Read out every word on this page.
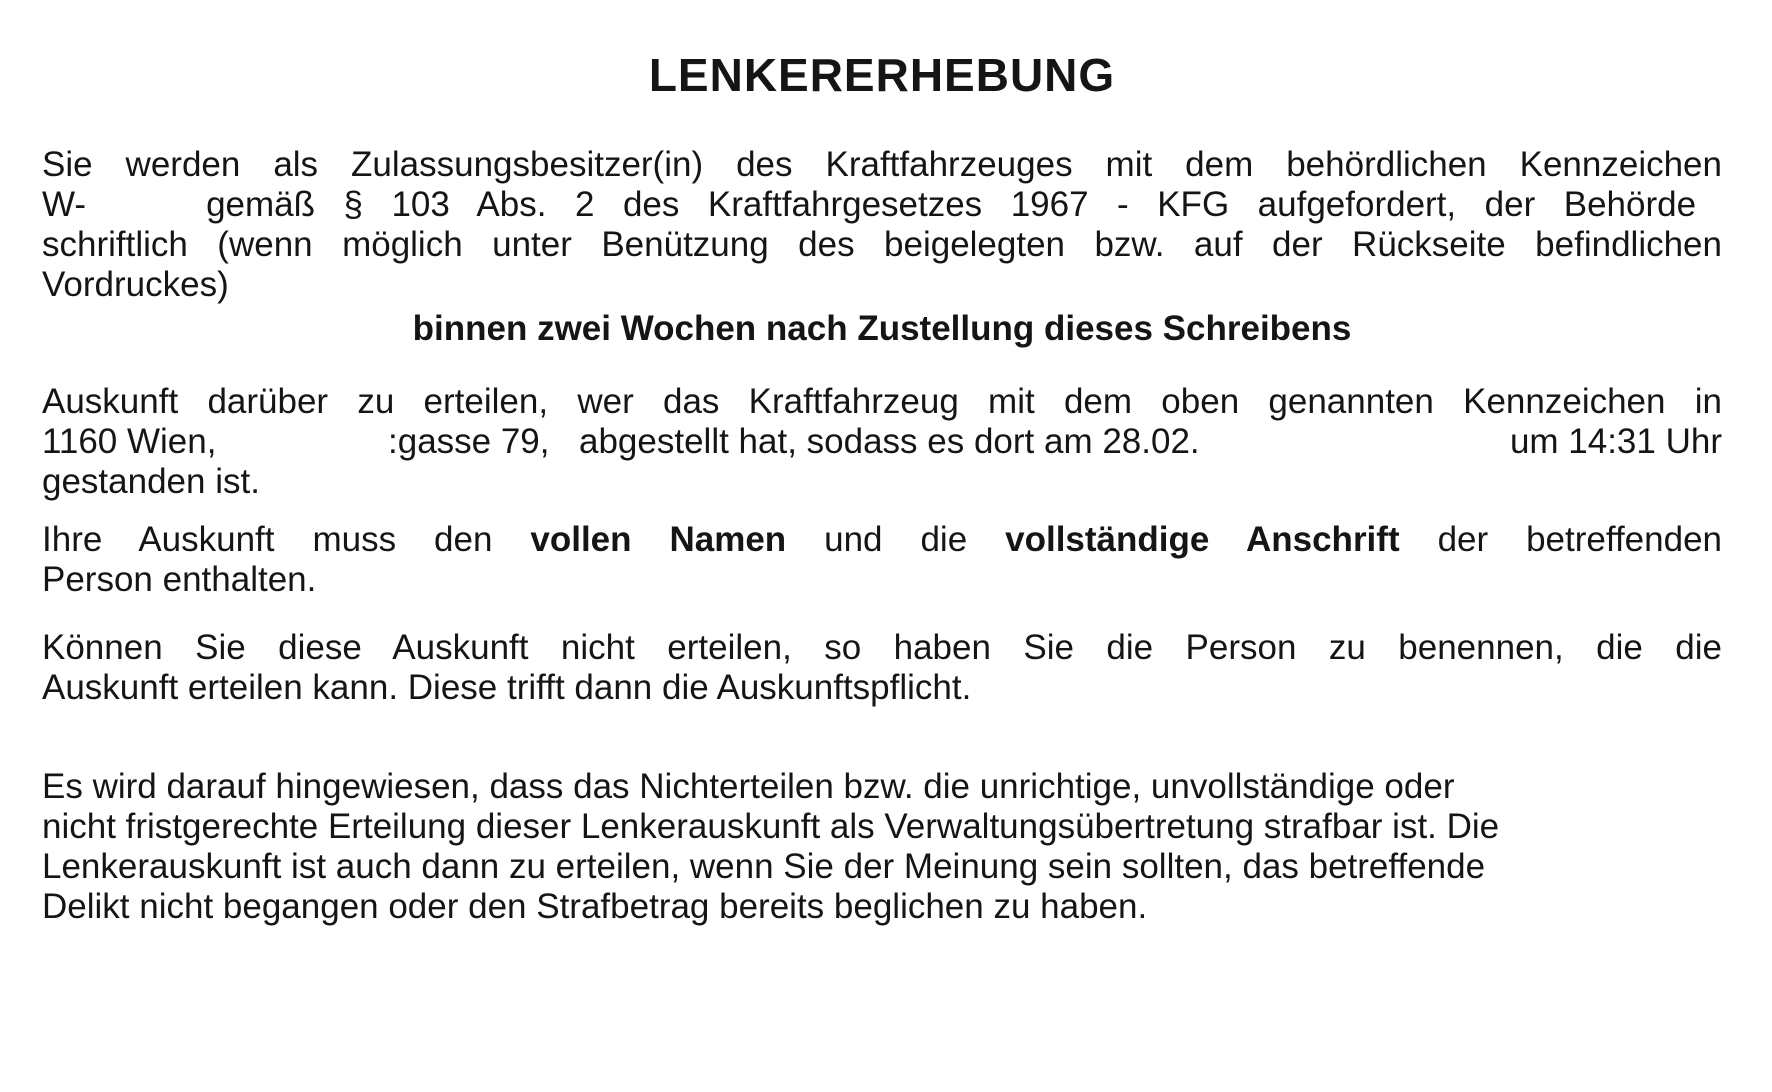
LENKERERHEBUNG
Sie werden als Zulassungsbesitzer(in) des Kraftfahrzeuges mit dem behördlichen Kennzeichen
W-	gemäß § 103 Abs. 2 des Kraftfahrgesetzes 1967 - KFG aufgefordert, der Behörde
schriftlich (wenn möglich unter Benützung des beigelegten bzw. auf der Rückseite befindlichen
Vordruckes)
binnen zwei Wochen nach Zustellung dieses Schreibens
Auskunft darüber zu erteilen, wer das Kraftfahrzeug mit dem oben genannten Kennzeichen in
1160 Wien,	:gasse 79, abgestellt hat, sodass es dort am 28.02.	um 14:31 Uhr
gestanden ist.
Ihre Auskunft muss den vollen Namen und die vollständige Anschrift der betreffenden
Person enthalten.
Können Sie diese Auskunft nicht erteilen, so haben Sie die Person zu benennen, die die
Auskunft erteilen kann. Diese trifft dann die Auskunftspflicht.
Es wird darauf hingewiesen, dass das Nichterteilen bzw. die unrichtige, unvollständige oder
nicht fristgerechte Erteilung dieser Lenkerauskunft als Verwaltungsübertretung strafbar ist. Die
Lenkerauskunft ist auch dann zu erteilen, wenn Sie der Meinung sein sollten, das betreffende
Delikt nicht begangen oder den Strafbetrag bereits beglichen zu haben.
